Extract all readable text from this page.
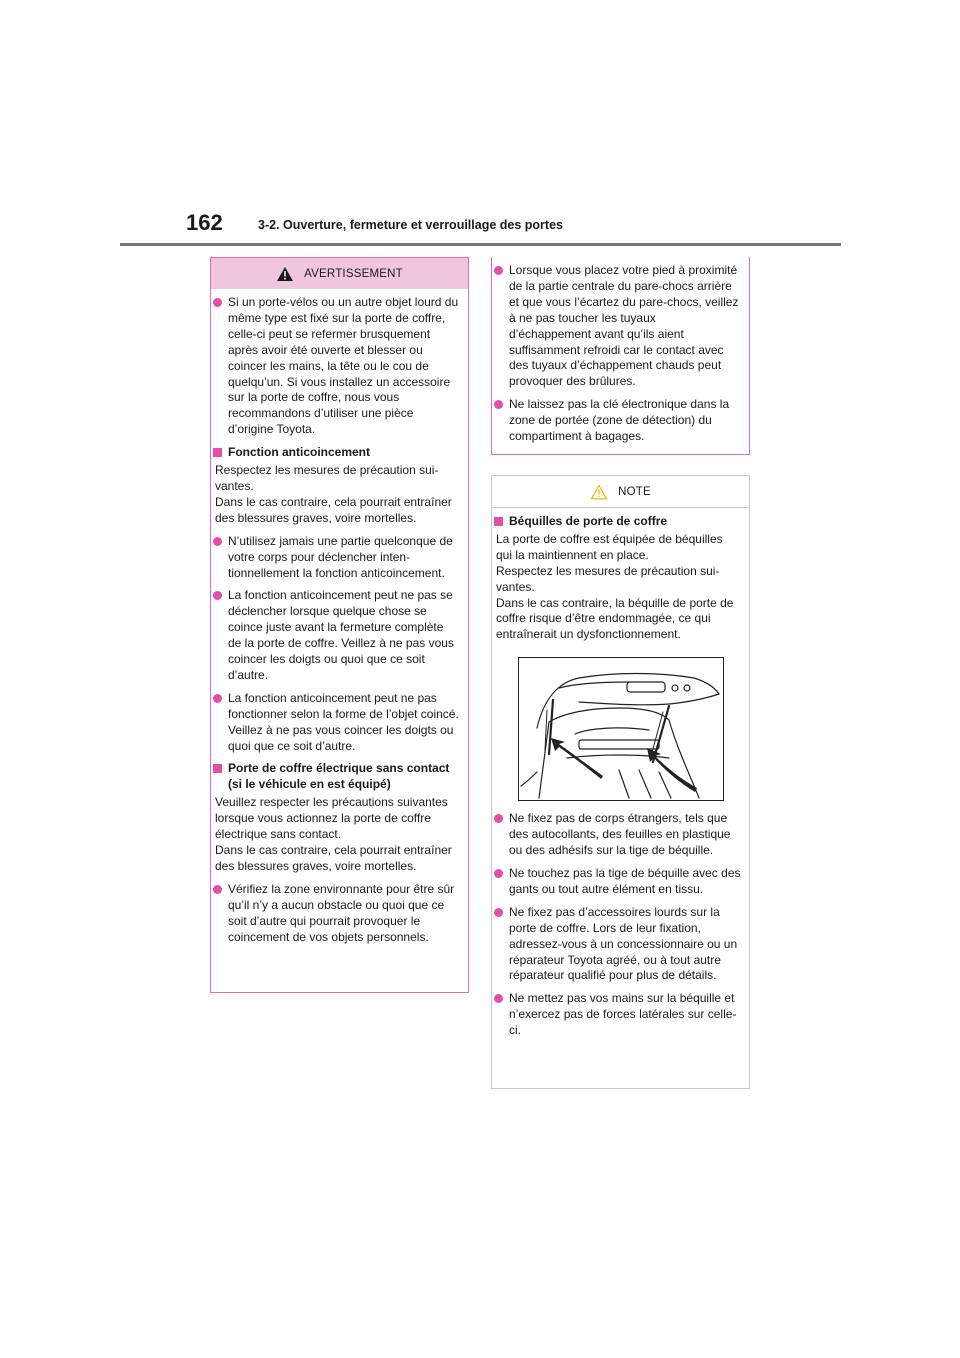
162	3-2. Ouverture, fermeture et verrouillage des portes
AVERTISSEMENT

Si un porte-vélos ou un autre objet lourd du même type est fixé sur la porte de coffre, celle-ci peut se refermer brusquement après avoir été ouverte et blesser ou coincer les mains, la tête ou le cou de quelqu’un. Si vous installez un accessoire sur la porte de coffre, nous vous recommandons d’utiliser une pièce d’origine Toyota.

Fonction anticoincement

Respectez les mesures de précaution suivantes.
Dans le cas contraire, cela pourrait entraîner des blessures graves, voire mortelles.

N’utilisez jamais une partie quelconque de votre corps pour déclencher intentionnellement la fonction anticoincement.

La fonction anticoincement peut ne pas se déclencher lorsque quelque chose se coince juste avant la fermeture complète de la porte de coffre. Veillez à ne pas vous coincer les doigts ou quoi que ce soit d’autre.

La fonction anticoincement peut ne pas fonctionner selon la forme de l’objet coincé. Veillez à ne pas vous coincer les doigts ou quoi que ce soit d’autre.

Porte de coffre électrique sans contact (si le véhicule en est équipé)

Veuillez respecter les précautions suivantes lorsque vous actionnez la porte de coffre électrique sans contact.
Dans le cas contraire, cela pourrait entraîner des blessures graves, voire mortelles.

Vérifiez la zone environnante pour être sûr qu’il n’y a aucun obstacle ou quoi que ce soit d’autre qui pourrait provoquer le coincement de vos objets personnels.

Lorsque vous placez votre pied à proximité de la partie centrale du pare-chocs arrière et que vous l’écartez du pare-chocs, veillez à ne pas toucher les tuyaux d’échappement avant qu’ils aient suffisamment refroidi car le contact avec des tuyaux d’échappement chauds peut provoquer des brûlures.

Ne laissez pas la clé électronique dans la zone de portée (zone de détection) du compartiment à bagages.

NOTE

Béquilles de porte de coffre

La porte de coffre est équipée de béquilles qui la maintiennent en place.
Respectez les mesures de précaution suivantes.
Dans le cas contraire, la béquille de porte de coffre risque d’être endommagée, ce qui entraînerait un dysfonctionnement.

Ne fixez pas de corps étrangers, tels que des autocollants, des feuilles en plastique ou des adhésifs sur la tige de béquille.

Ne touchez pas la tige de béquille avec des gants ou tout autre élément en tissu.

Ne fixez pas d’accessoires lourds sur la porte de coffre. Lors de leur fixation, adressez-vous à un concessionnaire ou un réparateur Toyota agréé, ou à tout autre réparateur qualifié pour plus de détails.

Ne mettez pas vos mains sur la béquille et n’exercez pas de forces latérales sur celle-ci.
